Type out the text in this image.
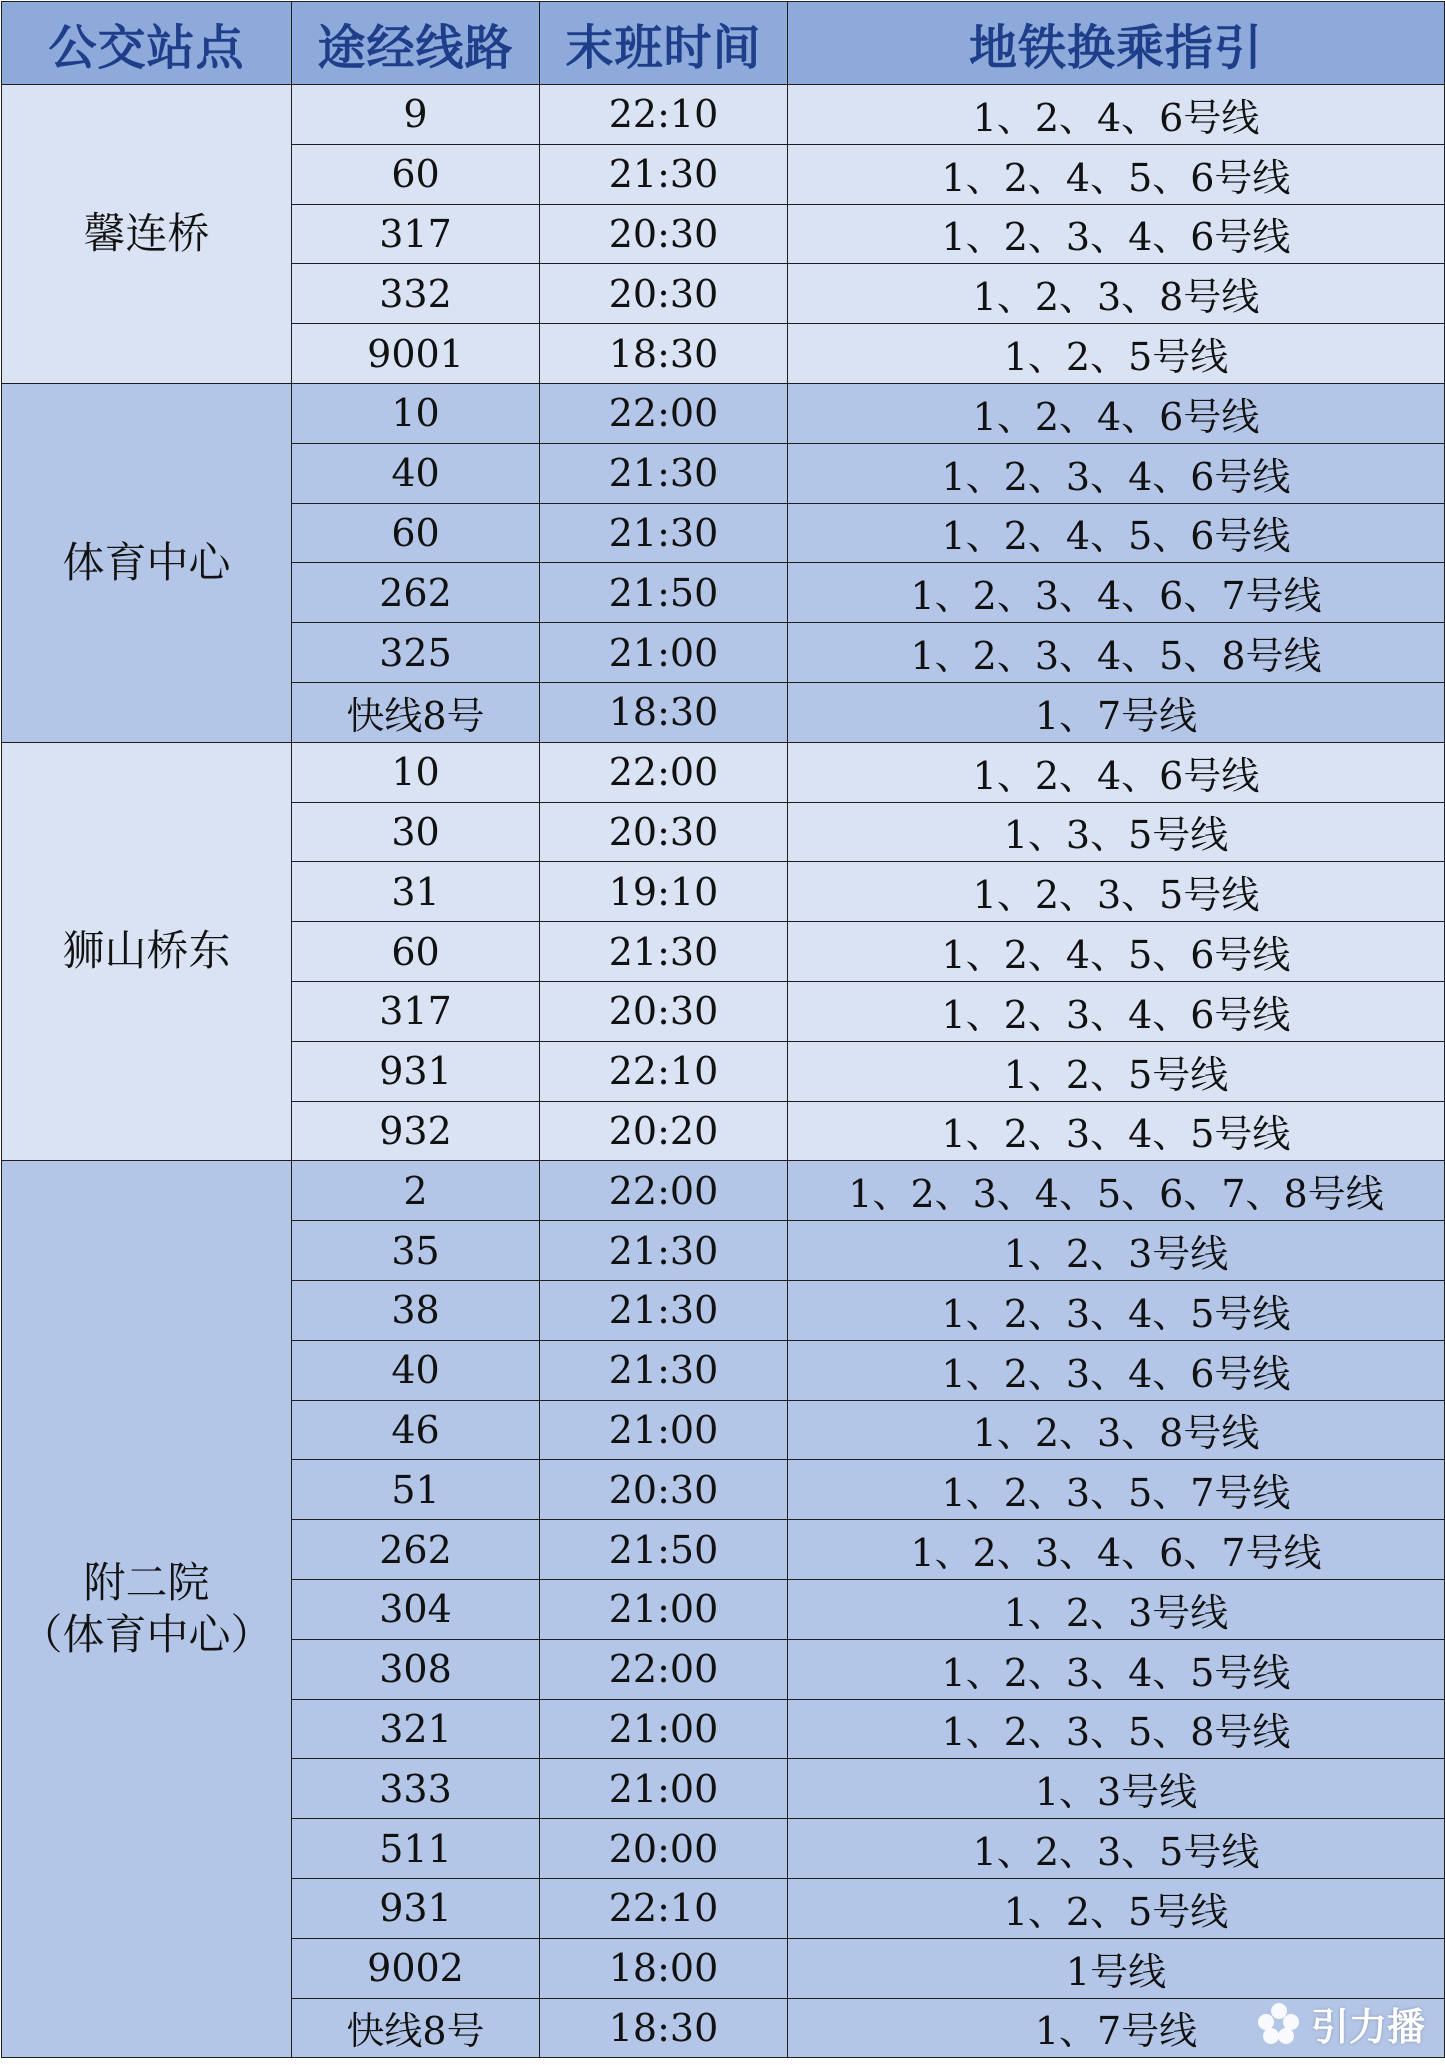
公交站点	途经线路	末班时间	地铁换乘指引
馨连桥	9	22:10	1、2、4、6号线
	60	21:30	1、2、4、5、6号线
	317	20:30	1、2、3、4、6号线
	332	20:30	1、2、3、8号线
	9001	18:30	1、2、5号线
体育中心	10	22:00	1、2、4、6号线
	40	21:30	1、2、3、4、6号线
	60	21:30	1、2、4、5、6号线
	262	21:50	1、2、3、4、6、7号线
	325	21:00	1、2、3、4、5、8号线
	快线8号	18:30	1、7号线
狮山桥东	10	22:00	1、2、4、6号线
	30	20:30	1、3、5号线
	31	19:10	1、2、3、5号线
	60	21:30	1、2、4、5、6号线
	317	20:30	1、2、3、4、6号线
	931	22:10	1、2、5号线
	932	20:20	1、2、3、4、5号线
附二院
（体育中心）	2	22:00	1、2、3、4、5、6、7、8号线
	35	21:30	1、2、3号线
	38	21:30	1、2、3、4、5号线
	40	21:30	1、2、3、4、6号线
	46	21:00	1、2、3、8号线
	51	20:30	1、2、3、5、7号线
	262	21:50	1、2、3、4、6、7号线
	304	21:00	1、2、3号线
	308	22:00	1、2、3、4、5号线
	321	21:00	1、2、3、5、8号线
	333	21:00	1、3号线
	511	20:00	1、2、3、5号线
	931	22:10	1、2、5号线
	9002	18:00	1号线
	快线8号	18:30	1、7号线	引力播
